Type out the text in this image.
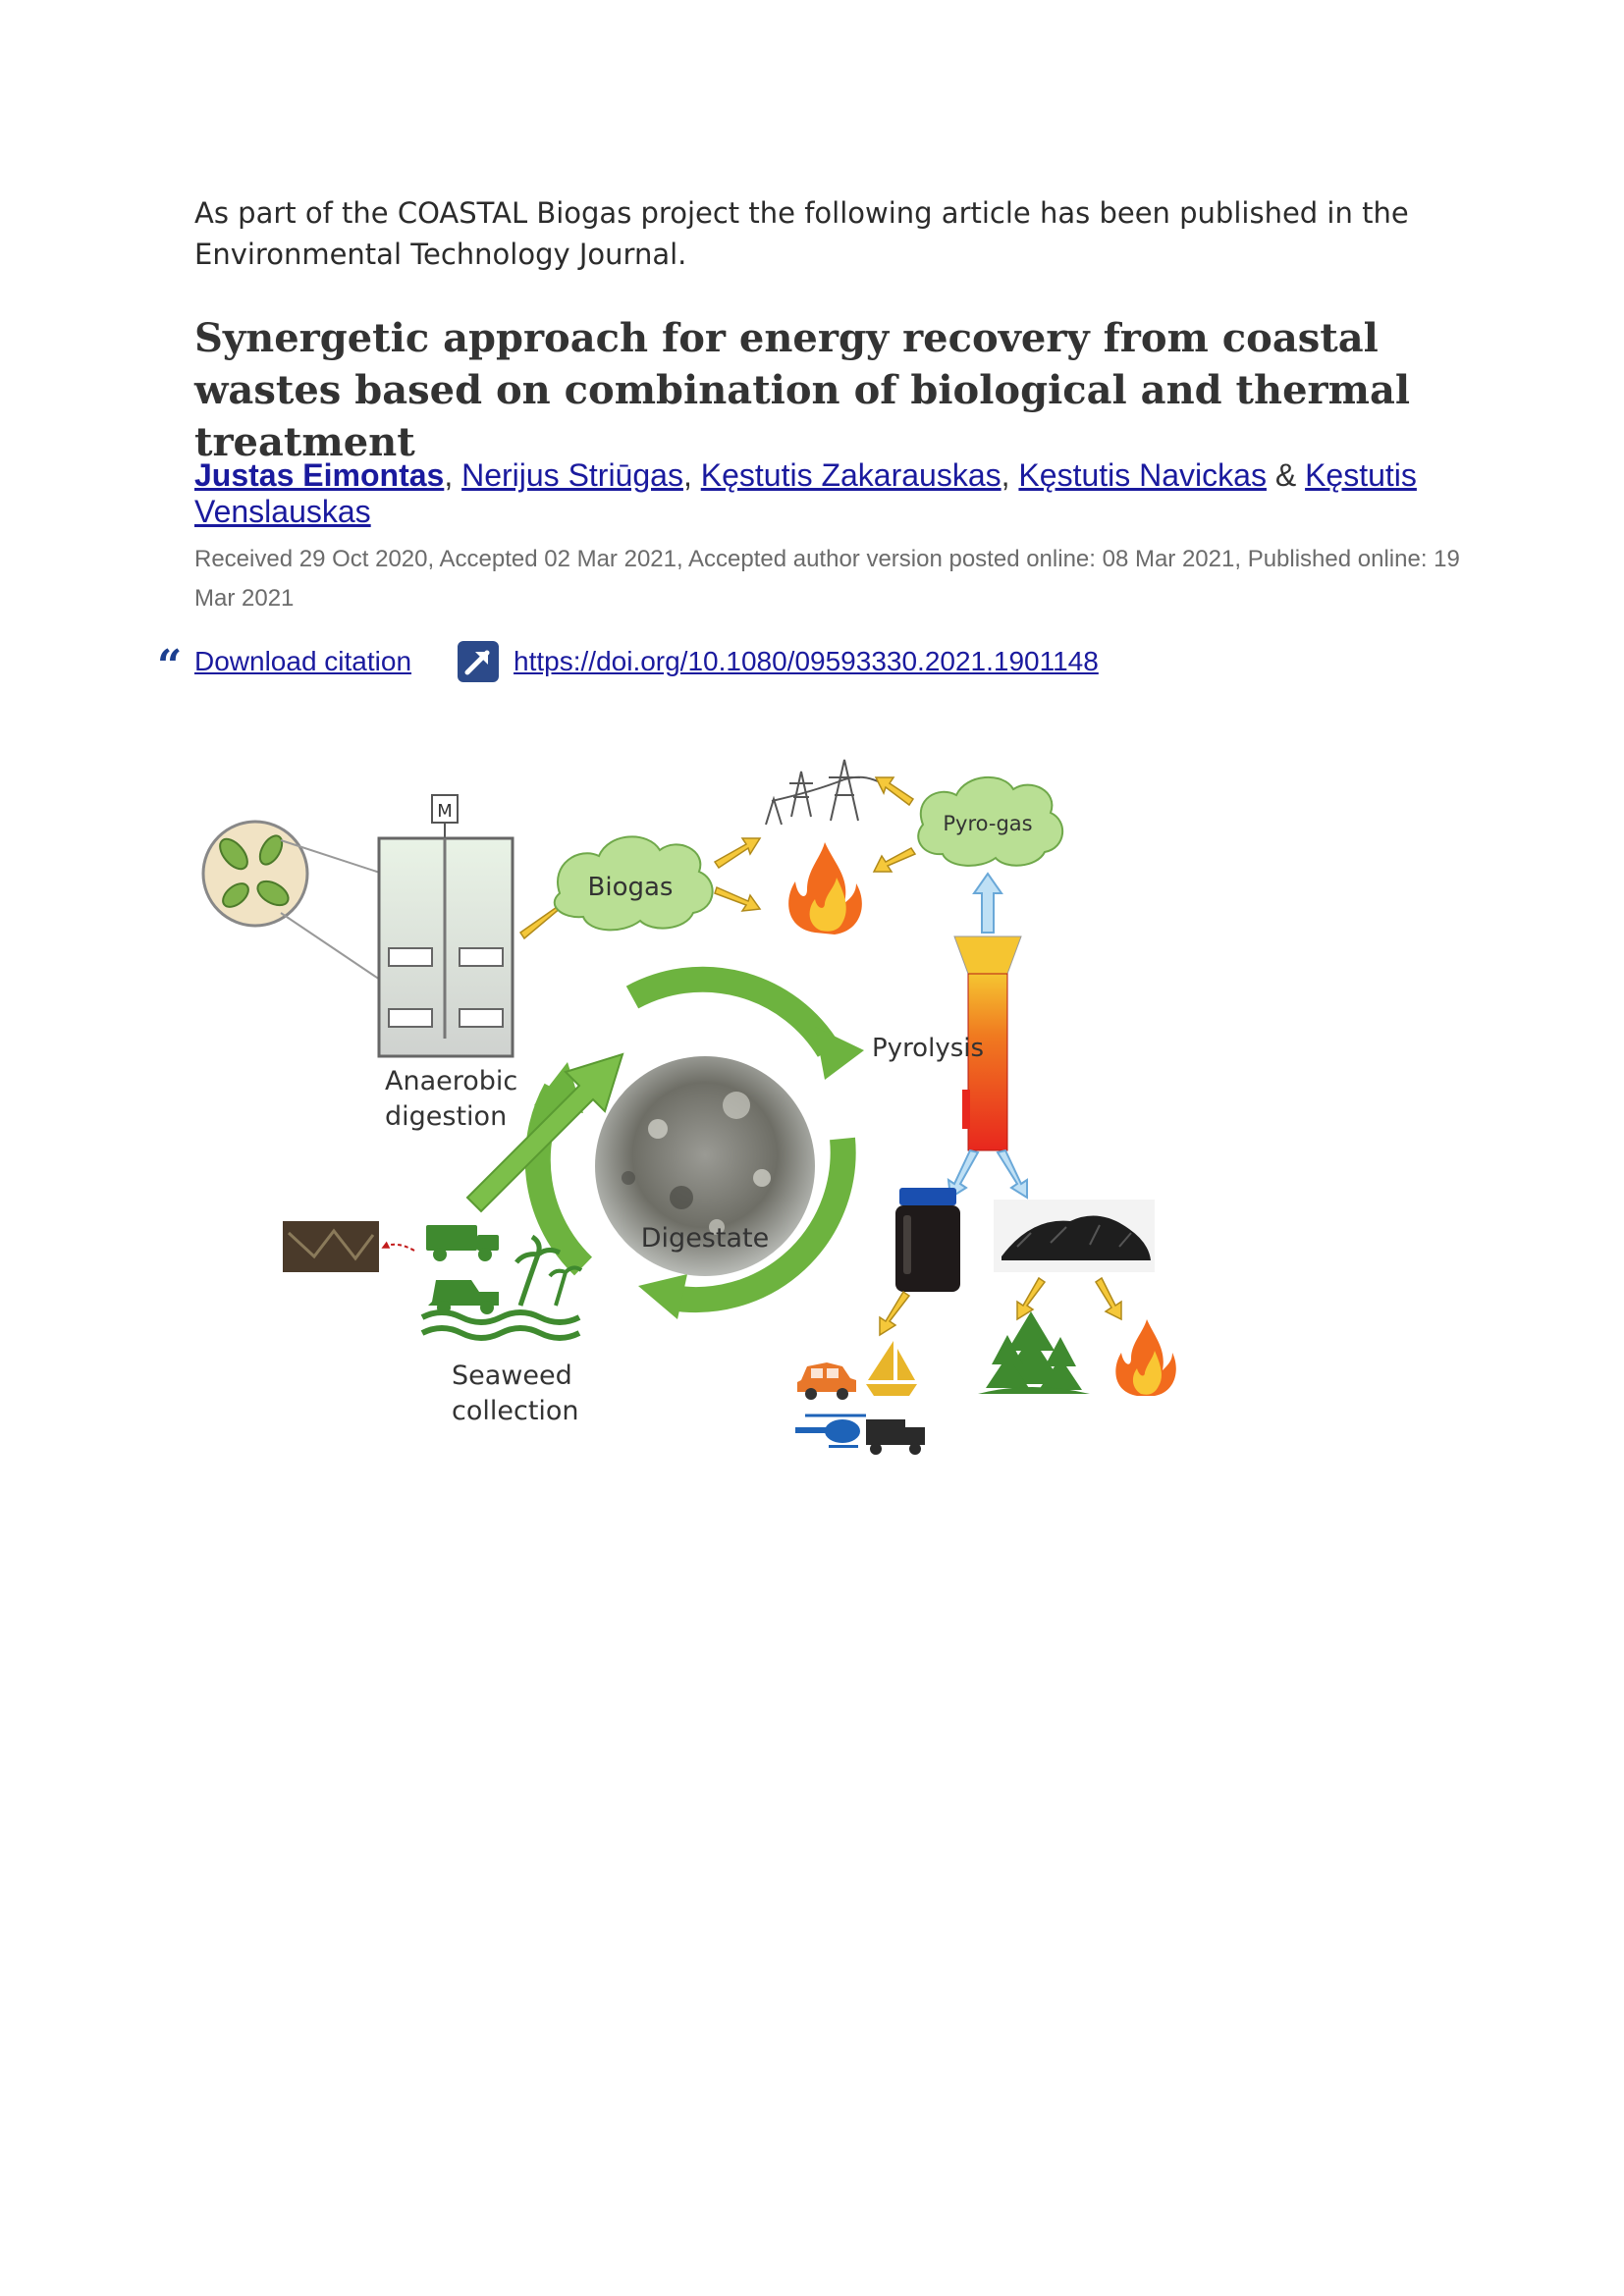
As part of the COASTAL Biogas project the following article has been published in the Environmental Technology Journal.
Synergetic approach for energy recovery from coastal wastes based on combination of biological and thermal treatment
Justas Eimontas, Nerijus Striūgas, Kęstutis Zakarauskas, Kęstutis Navickas & Kęstutis Venslauskas
Received 29 Oct 2020, Accepted 02 Mar 2021, Accepted author version posted online: 08 Mar 2021, Published online: 19 Mar 2021
“ Download citation	https://doi.org/10.1080/09593330.2021.1901148
M
Anaerobic
digestion
Biogas
Pyro-gas
Pyrolysis
Digestate
Seaweed
collection
